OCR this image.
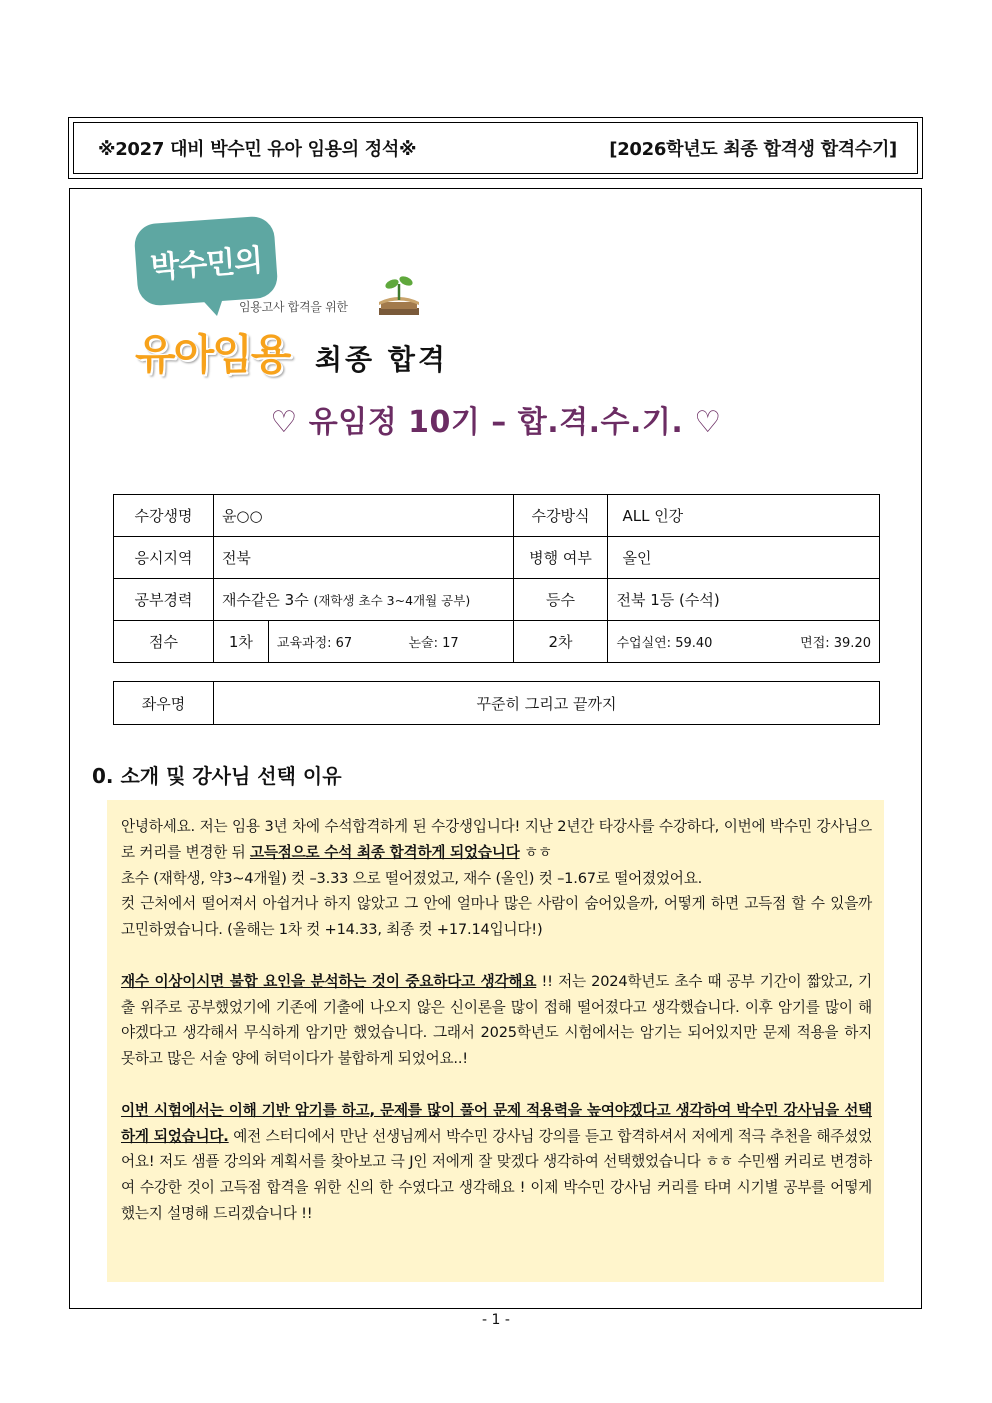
※2027 대비 박수민 유아 임용의 정석※	[2026학년도 최종 합격생 합격수기]
박수민의
임용고사 합격을 위한
유아임용 최종 합격
♡ 유임정 10기 – 합.격.수.기. ♡
수강생명	윤○○		수강방식	ALL 인강
응시지역	전북		병행 여부	올인
공부경력	재수같은 3수 (재학생 초수 3~4개월 공부)		등수	전북 1등 (수석)
점수	1차	교육과정: 67 논술: 17	2차	수업실연: 59.40 면접: 39.20
좌우명	꾸준히 그리고 끝까지
0. 소개 및 강사님 선택 이유

안녕하세요. 저는 임용 3년 차에 수석합격하게 된 수강생입니다! 지난 2년간 타강사를 수강하다, 이번에 박수민 강사님으로 커리를 변경한 뒤 고득점으로 수석 최종 합격하게 되었습니다 ㅎㅎ

초수 (재학생, 약3~4개월) 컷 –3.33 으로 떨어졌었고, 재수 (올인) 컷 –1.67로 떨어졌었어요.

컷 근처에서 떨어져서 아쉽거나 하지 않았고 그 안에 얼마나 많은 사람이 숨어있을까, 어떻게 하면 고득점 할 수 있을까 고민하였습니다. (올해는 1차 컷 +14.33, 최종 컷 +17.14입니다!)

재수 이상이시면 불합 요인을 분석하는 것이 중요하다고 생각해요 !! 저는 2024학년도 초수 때 공부 기간이 짧았고, 기출 위주로 공부했었기에 기존에 기출에 나오지 않은 신이론을 많이 접해 떨어졌다고 생각했습니다. 이후 암기를 많이 해야겠다고 생각해서 무식하게 암기만 했었습니다. 그래서 2025학년도 시험에서는 암기는 되어있지만 문제 적용을 하지 못하고 많은 서술 양에 허덕이다가 불합하게 되었어요..!

이번 시험에서는 이해 기반 암기를 하고, 문제를 많이 풀어 문제 적용력을 높여야겠다고 생각하여 박수민 강사님을 선택하게 되었습니다. 예전 스터디에서 만난 선생님께서 박수민 강사님 강의를 듣고 합격하셔서 저에게 적극 추천을 해주셨었어요! 저도 샘플 강의와 계획서를 찾아보고 극 J인 저에게 잘 맞겠다 생각하여 선택했었습니다 ㅎㅎ 수민쌤 커리로 변경하여 수강한 것이 고득점 합격을 위한 신의 한 수였다고 생각해요 ! 이제 박수민 강사님 커리를 타며 시기별 공부를 어떻게 했는지 설명해 드리겠습니다 !!

- 1 -
